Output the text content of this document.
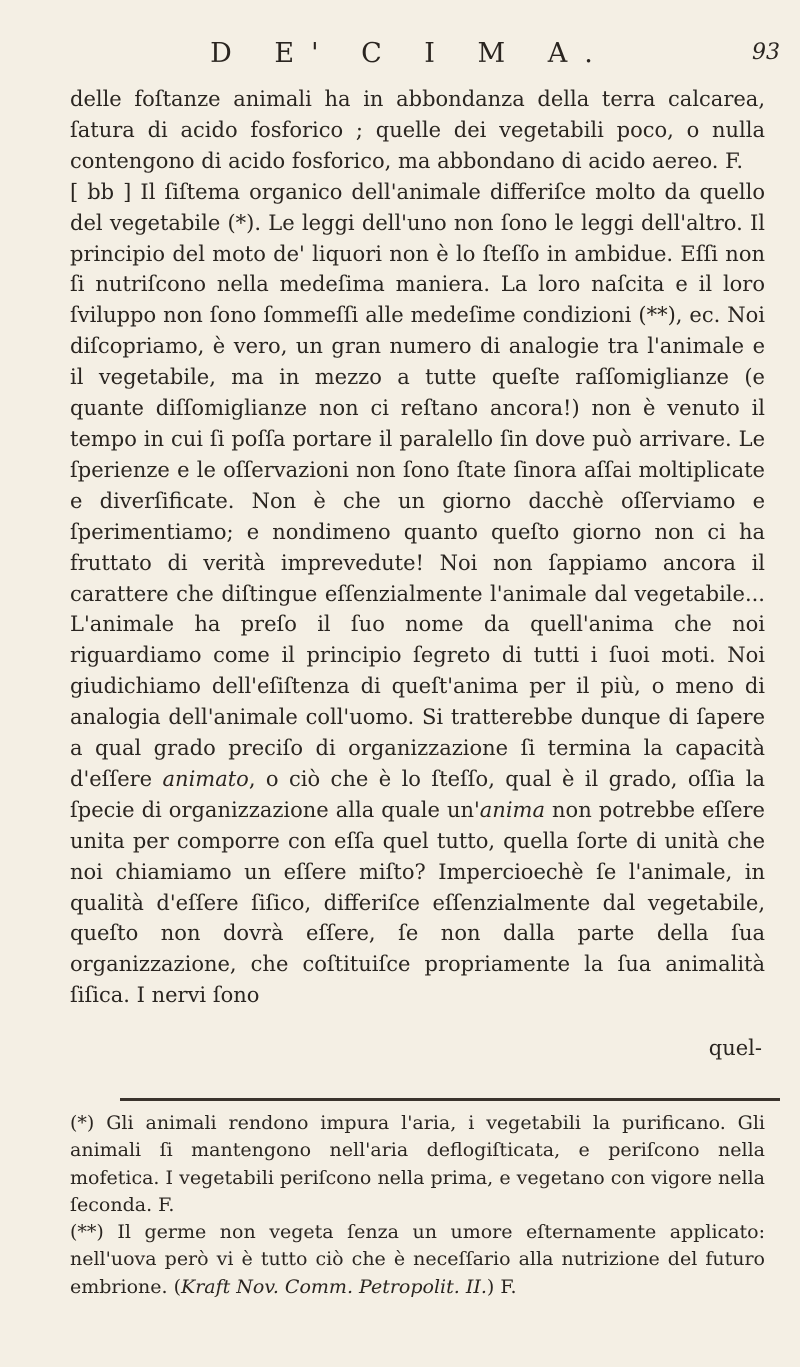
D E' C I M A.	93

delle foſtanze animali ha in abbondanza della terra calcarea, ſatura di acido fosforico ; quelle dei vegetabili poco, o nulla contengono di acido fosforico, ma abbondano di acido aereo. F.

[ bb ] Il ſiſtema organico dell'animale differiſce molto da quello del vegetabile (*). Le leggi dell'uno non ſono le leggi dell'altro. Il principio del moto de' liquori non è lo ſteſſo in ambidue. Eſſi non ſi nutriſcono nella medeſima maniera. La loro naſcita e il loro ſviluppo non ſono ſommeſſi alle medeſime condizioni (**), ec. Noi diſcopriamo, è vero, un gran numero di analogie tra l'animale e il vegetabile, ma in mezzo a tutte queſte raſſomiglianze (e quante diſſomiglianze non ci reſtano ancora!) non è venuto il tempo in cui ſi poſſa portare il paralello ſin dove può arrivare. Le ſperienze e le oſſervazioni non ſono ſtate ſinora aſſai moltiplicate e diverſificate. Non è che un giorno dacchè oſſerviamo e ſperimentiamo; e nondimeno quanto queſto giorno non ci ha fruttato di verità imprevedute! Noi non ſappiamo ancora il carattere che diſtingue eſſenzialmente l'animale dal vegetabile... L'animale ha preſo il ſuo nome da quell'anima che noi riguardiamo come il principio ſegreto di tutti i ſuoi moti. Noi giudichiamo dell'eſiſtenza di queſt'anima per il più, o meno di analogia dell'animale coll'uomo. Si tratterebbe dunque di ſapere a qual grado preciſo di organizzazione ſi termina la capacità d'eſſere animato, o ciò che è lo ſteſſo, qual è il grado, oſſia la ſpecie di organizzazione alla quale un'anima non potrebbe eſſere unita per comporre con eſſa quel tutto, quella ſorte di unità che noi chiamiamo un eſſere miſto? Impercioechè ſe l'animale, in qualità d'eſſere ſiſico, differiſce eſſenzialmente dal vegetabile, queſto non dovrà eſſere, ſe non dalla parte della ſua organizzazione, che coſtituiſce propriamente la ſua animalità ſiſica. I nervi ſono

quel-

(*) Gli animali rendono impura l'aria, i vegetabili la purificano. Gli animali ſi mantengono nell'aria deflogiſticata, e periſcono nella mofetica. I vegetabili periſcono nella prima, e vegetano con vigore nella ſeconda. F.

(**) Il germe non vegeta ſenza un umore eſternamente applicato: nell'uova però vi è tutto ciò che è neceſſario alla nutrizione del futuro embrione. (Kraft Nov. Comm. Petropolit. II.) F.
